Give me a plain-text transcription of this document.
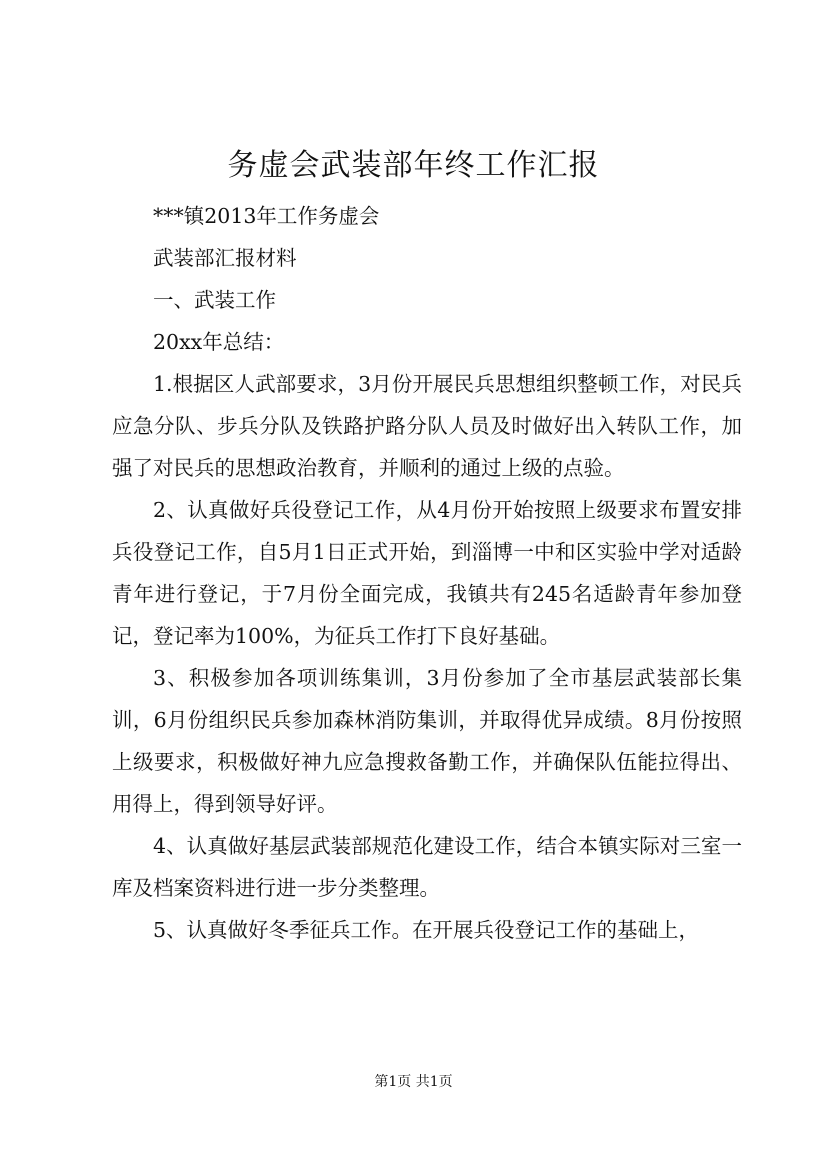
务虚会武装部年终工作汇报

***镇2013年工作务虚会

武装部汇报材料

一、武装工作

20xx年总结：

1.根据区人武部要求，3月份开展民兵思想组织整顿工作，对民兵应急分队、步兵分队及铁路护路分队人员及时做好出入转队工作，加强了对民兵的思想政治教育，并顺利的通过上级的点验。

2、认真做好兵役登记工作，从4月份开始按照上级要求布置安排兵役登记工作，自5月1日正式开始，到淄博一中和区实验中学对适龄青年进行登记，于7月份全面完成，我镇共有245名适龄青年参加登记，登记率为100%，为征兵工作打下良好基础。

3、积极参加各项训练集训，3月份参加了全市基层武装部长集训，6月份组织民兵参加森林消防集训，并取得优异成绩。8月份按照上级要求，积极做好神九应急搜救备勤工作，并确保队伍能拉得出、用得上，得到领导好评。

4、认真做好基层武装部规范化建设工作，结合本镇实际对三室一库及档案资料进行进一步分类整理。

5、认真做好冬季征兵工作。在开展兵役登记工作的基础上，

第1页 共1页
